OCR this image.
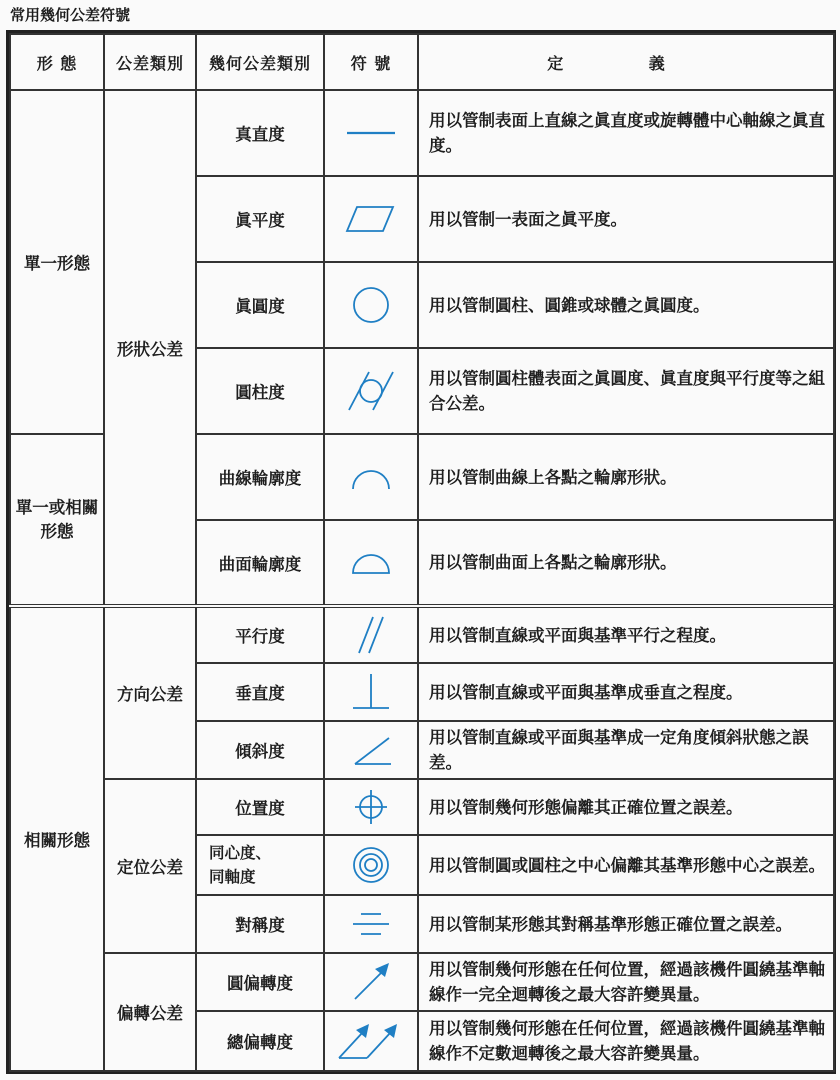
常用幾何公差符號
形 態	公差類別	幾何公差類別	符 號	定 義
單一形態	形狀公差	真直度		用以管制表面上直線之眞直度或旋轉體中心軸線之眞直度。
		眞平度		用以管制一表面之眞平度。
		眞圓度		用以管制圓柱、圓錐或球體之眞圓度。
		圓柱度		用以管制圓柱體表面之眞圓度、眞直度與平行度等之組合公差。
單一或相關形態		曲線輪廓度		用以管制曲線上各點之輪廓形狀。
		曲面輪廓度		用以管制曲面上各點之輪廓形狀。
相關形態	方向公差	平行度		用以管制直線或平面與基準平行之程度。
		垂直度		用以管制直線或平面與基準成垂直之程度。
		傾斜度		用以管制直線或平面與基準成一定角度傾斜狀態之誤差。
	定位公差	位置度		用以管制幾何形態偏離其正確位置之誤差。
		同心度、
同軸度		用以管制圓或圓柱之中心偏離其基準形態中心之誤差。
		對稱度		用以管制某形態其對稱基準形態正確位置之誤差。
	偏轉公差	圓偏轉度		用以管制幾何形態在任何位置，經過該機件圓繞基準軸線作一完全迴轉後之最大容許變異量。
		總偏轉度		用以管制幾何形態在任何位置，經過該機件圓繞基準軸線作不定數迴轉後之最大容許變異量。
